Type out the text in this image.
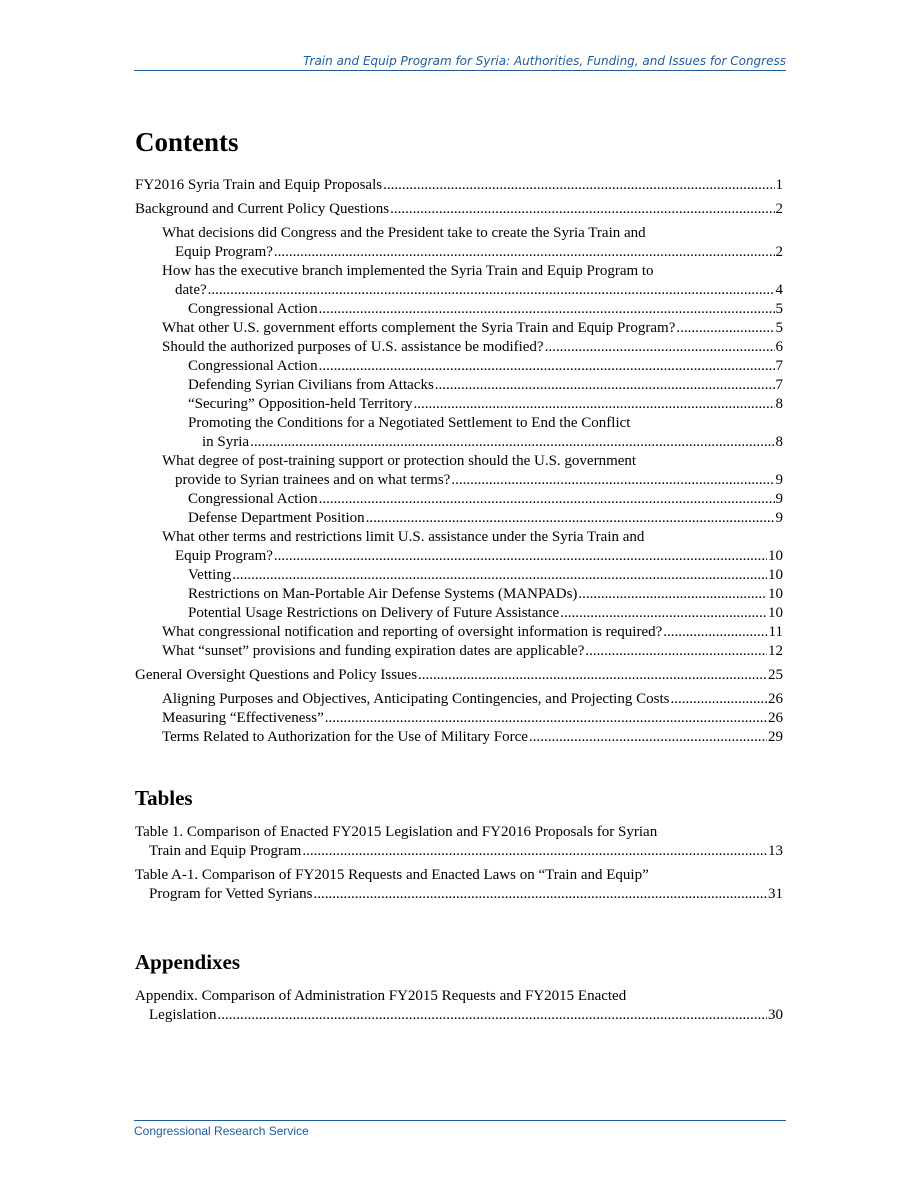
Train and Equip Program for Syria: Authorities, Funding, and Issues for Congress
Contents
FY2016 Syria Train and Equip Proposals .....	1
Background and Current Policy Questions .....	2
What decisions did Congress and the President take to create the Syria Train and
Equip Program? .....	2
How has the executive branch implemented the Syria Train and Equip Program to
date? .....	4
Congressional Action .....	5
What other U.S. government efforts complement the Syria Train and Equip Program? .....	5
Should the authorized purposes of U.S. assistance be modified? .....	6
Congressional Action .....	7
Defending Syrian Civilians from Attacks .....	7
“Securing” Opposition-held Territory .....	8
Promoting the Conditions for a Negotiated Settlement to End the Conflict
in Syria .....	8
What degree of post-training support or protection should the U.S. government
provide to Syrian trainees and on what terms? .....	9
Congressional Action .....	9
Defense Department Position .....	9
What other terms and restrictions limit U.S. assistance under the Syria Train and
Equip Program? .....	10
Vetting .....	10
Restrictions on Man-Portable Air Defense Systems (MANPADs) .....	10
Potential Usage Restrictions on Delivery of Future Assistance .....	10
What congressional notification and reporting of oversight information is required? .....	11
What “sunset” provisions and funding expiration dates are applicable? .....	12
General Oversight Questions and Policy Issues .....	25
Aligning Purposes and Objectives, Anticipating Contingencies, and Projecting Costs .....	26
Measuring “Effectiveness” .....	26
Terms Related to Authorization for the Use of Military Force .....	29
Tables
Table 1. Comparison of Enacted FY2015 Legislation and FY2016 Proposals for Syrian
Train and Equip Program .....	13
Table A-1. Comparison of FY2015 Requests and Enacted Laws on “Train and Equip”
Program for Vetted Syrians .....	31
Appendixes
Appendix. Comparison of Administration FY2015 Requests and FY2015 Enacted
Legislation .....	30
Congressional Research Service
